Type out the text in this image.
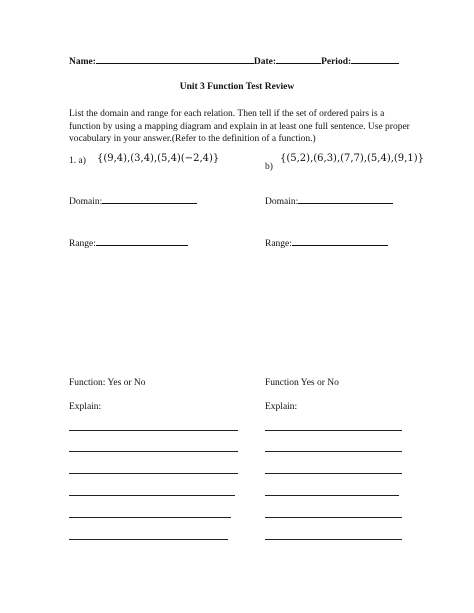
Name:	Date:	Period:
Unit 3 Function Test Review
List the domain and range for each relation. Then tell if the set of ordered pairs is a function by using a mapping diagram and explain in at least one full sentence. Use proper vocabulary in your answer.(Refer to the definition of a function.)
1. a) {(9,4),(3,4),(5,4)(−2,4)}
b)
{(5,2),(6,3),(7,7),(5,4),(9,1)}
Domain:	Domain:
Range:	Range:
Function: Yes or No	Function Yes or No
Explain:	Explain:
